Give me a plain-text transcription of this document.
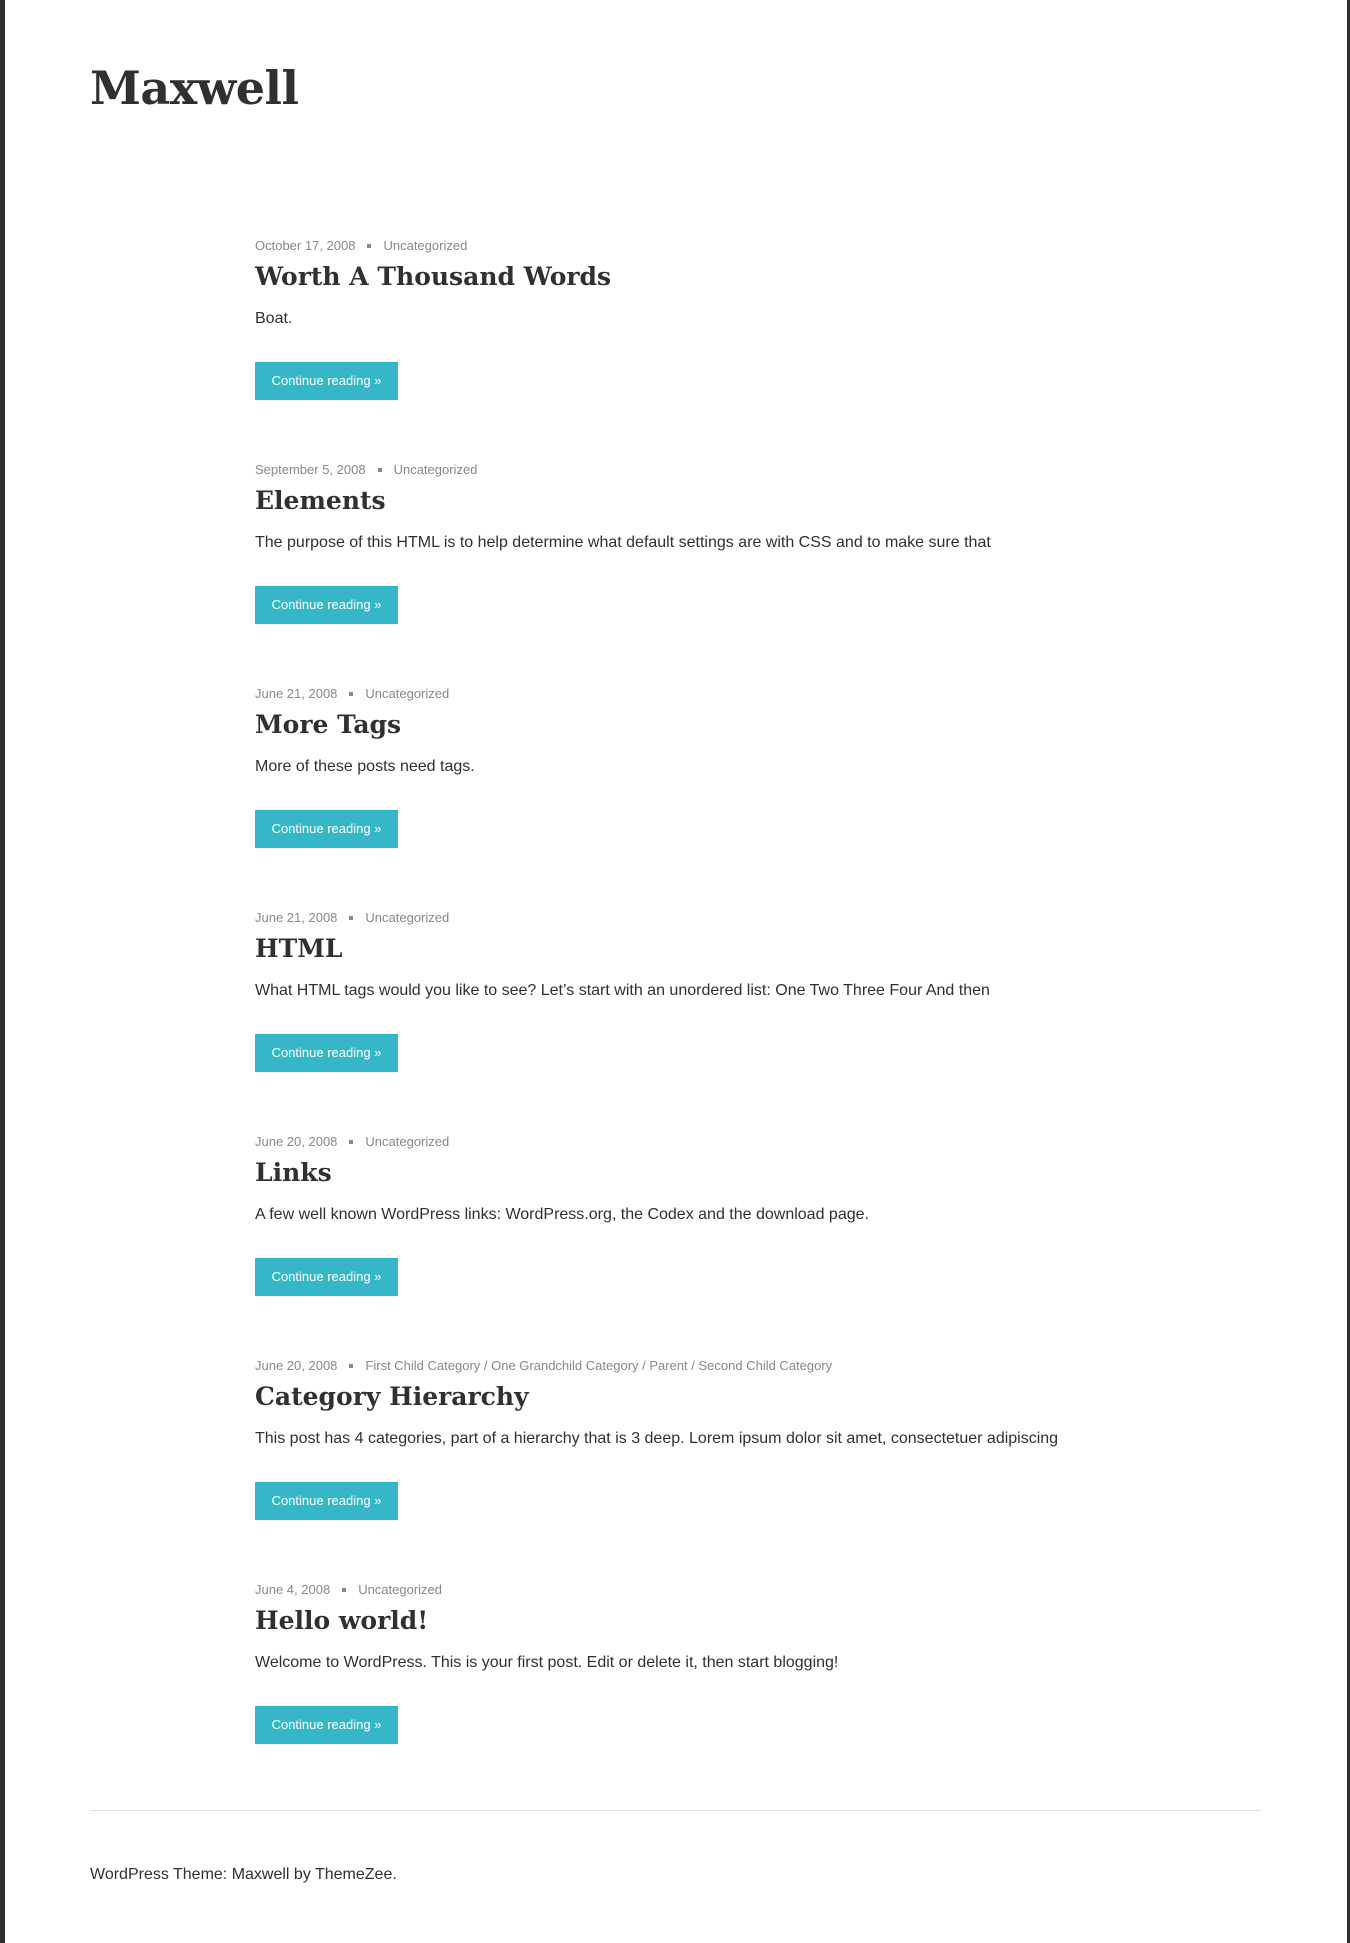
Maxwell
October 17, 2008 Uncategorized
Worth A Thousand Words

Boat.

Continue reading »
September 5, 2008 Uncategorized
Elements

The purpose of this HTML is to help determine what default settings are with CSS and to make sure that

Continue reading »
June 21, 2008 Uncategorized
More Tags

More of these posts need tags.

Continue reading »
June 21, 2008 Uncategorized
HTML

What HTML tags would you like to see? Let’s start with an unordered list: One Two Three Four And then

Continue reading »
June 20, 2008 Uncategorized
Links

A few well known WordPress links: WordPress.org, the Codex and the download page.

Continue reading »
June 20, 2008 First Child Category / One Grandchild Category / Parent / Second Child Category
Category Hierarchy

This post has 4 categories, part of a hierarchy that is 3 deep. Lorem ipsum dolor sit amet, consectetuer adipiscing

Continue reading »
June 4, 2008 Uncategorized
Hello world!

Welcome to WordPress. This is your first post. Edit or delete it, then start blogging!

Continue reading »
WordPress Theme: Maxwell by ThemeZee.
